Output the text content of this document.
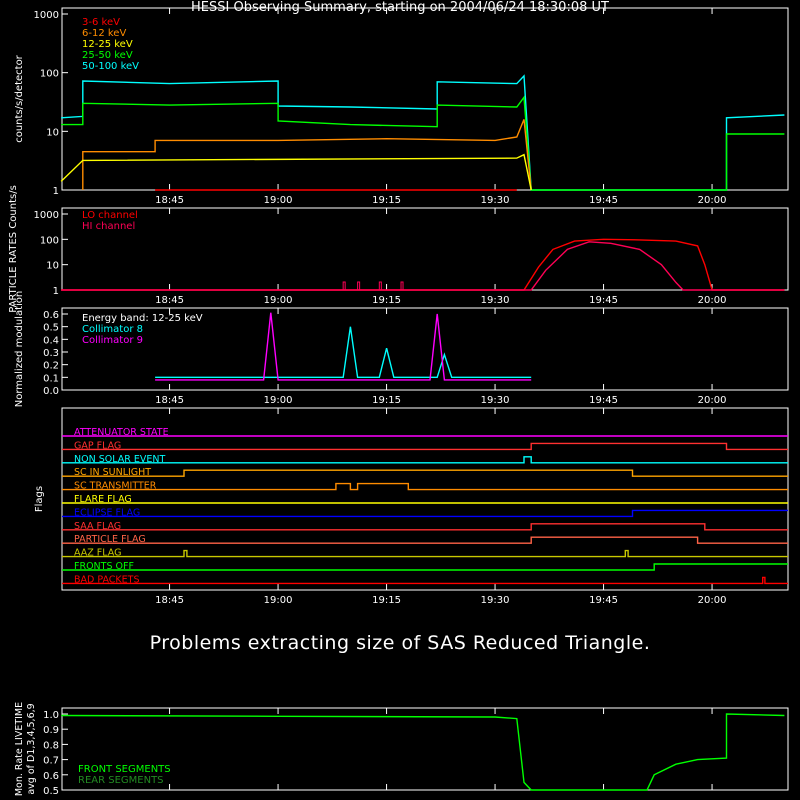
HESSI Observing Summary, starting on 2004/06/24 18:30:08 UT
1
10
100
1000
counts/s/detector
3-6 keV
6-12 keV
12-25 keV
25-50 keV
50-100 keV
18:45	19:00	19:15	19:30	19:45	20:00
1
10
100
1000
PARTICLE RATES Counts/s	LO channel
HI channel
18:45	19:00	19:15	19:30	19:45	20:00
0.0
0.1
0.2
0.3
0.4
0.5
0.6
Normalized modulation	Energy band: 12-25 keV
Collimator 8
Collimator 9
18:45	19:00	19:15	19:30	19:45	20:00
Flags
ATTENUATOR STATE
GAP FLAG
NON SOLAR EVENT
SC IN SUNLIGHT
SC TRANSMITTER
FLARE FLAG
ECLIPSE FLAG
SAA FLAG
PARTICLE FLAG
AAZ FLAG
FRONTS OFF
BAD PACKETS
18:45	19:00	19:15	19:30	19:45	20:00
0.5
0.6
0.7
0.8
0.9
1.0
Mon. Rate LIVETIME avg of D1,3,4,5,6,9	FRONT SEGMENTS
REAR SEGMENTS
Problems extracting size of SAS Reduced Triangle.
